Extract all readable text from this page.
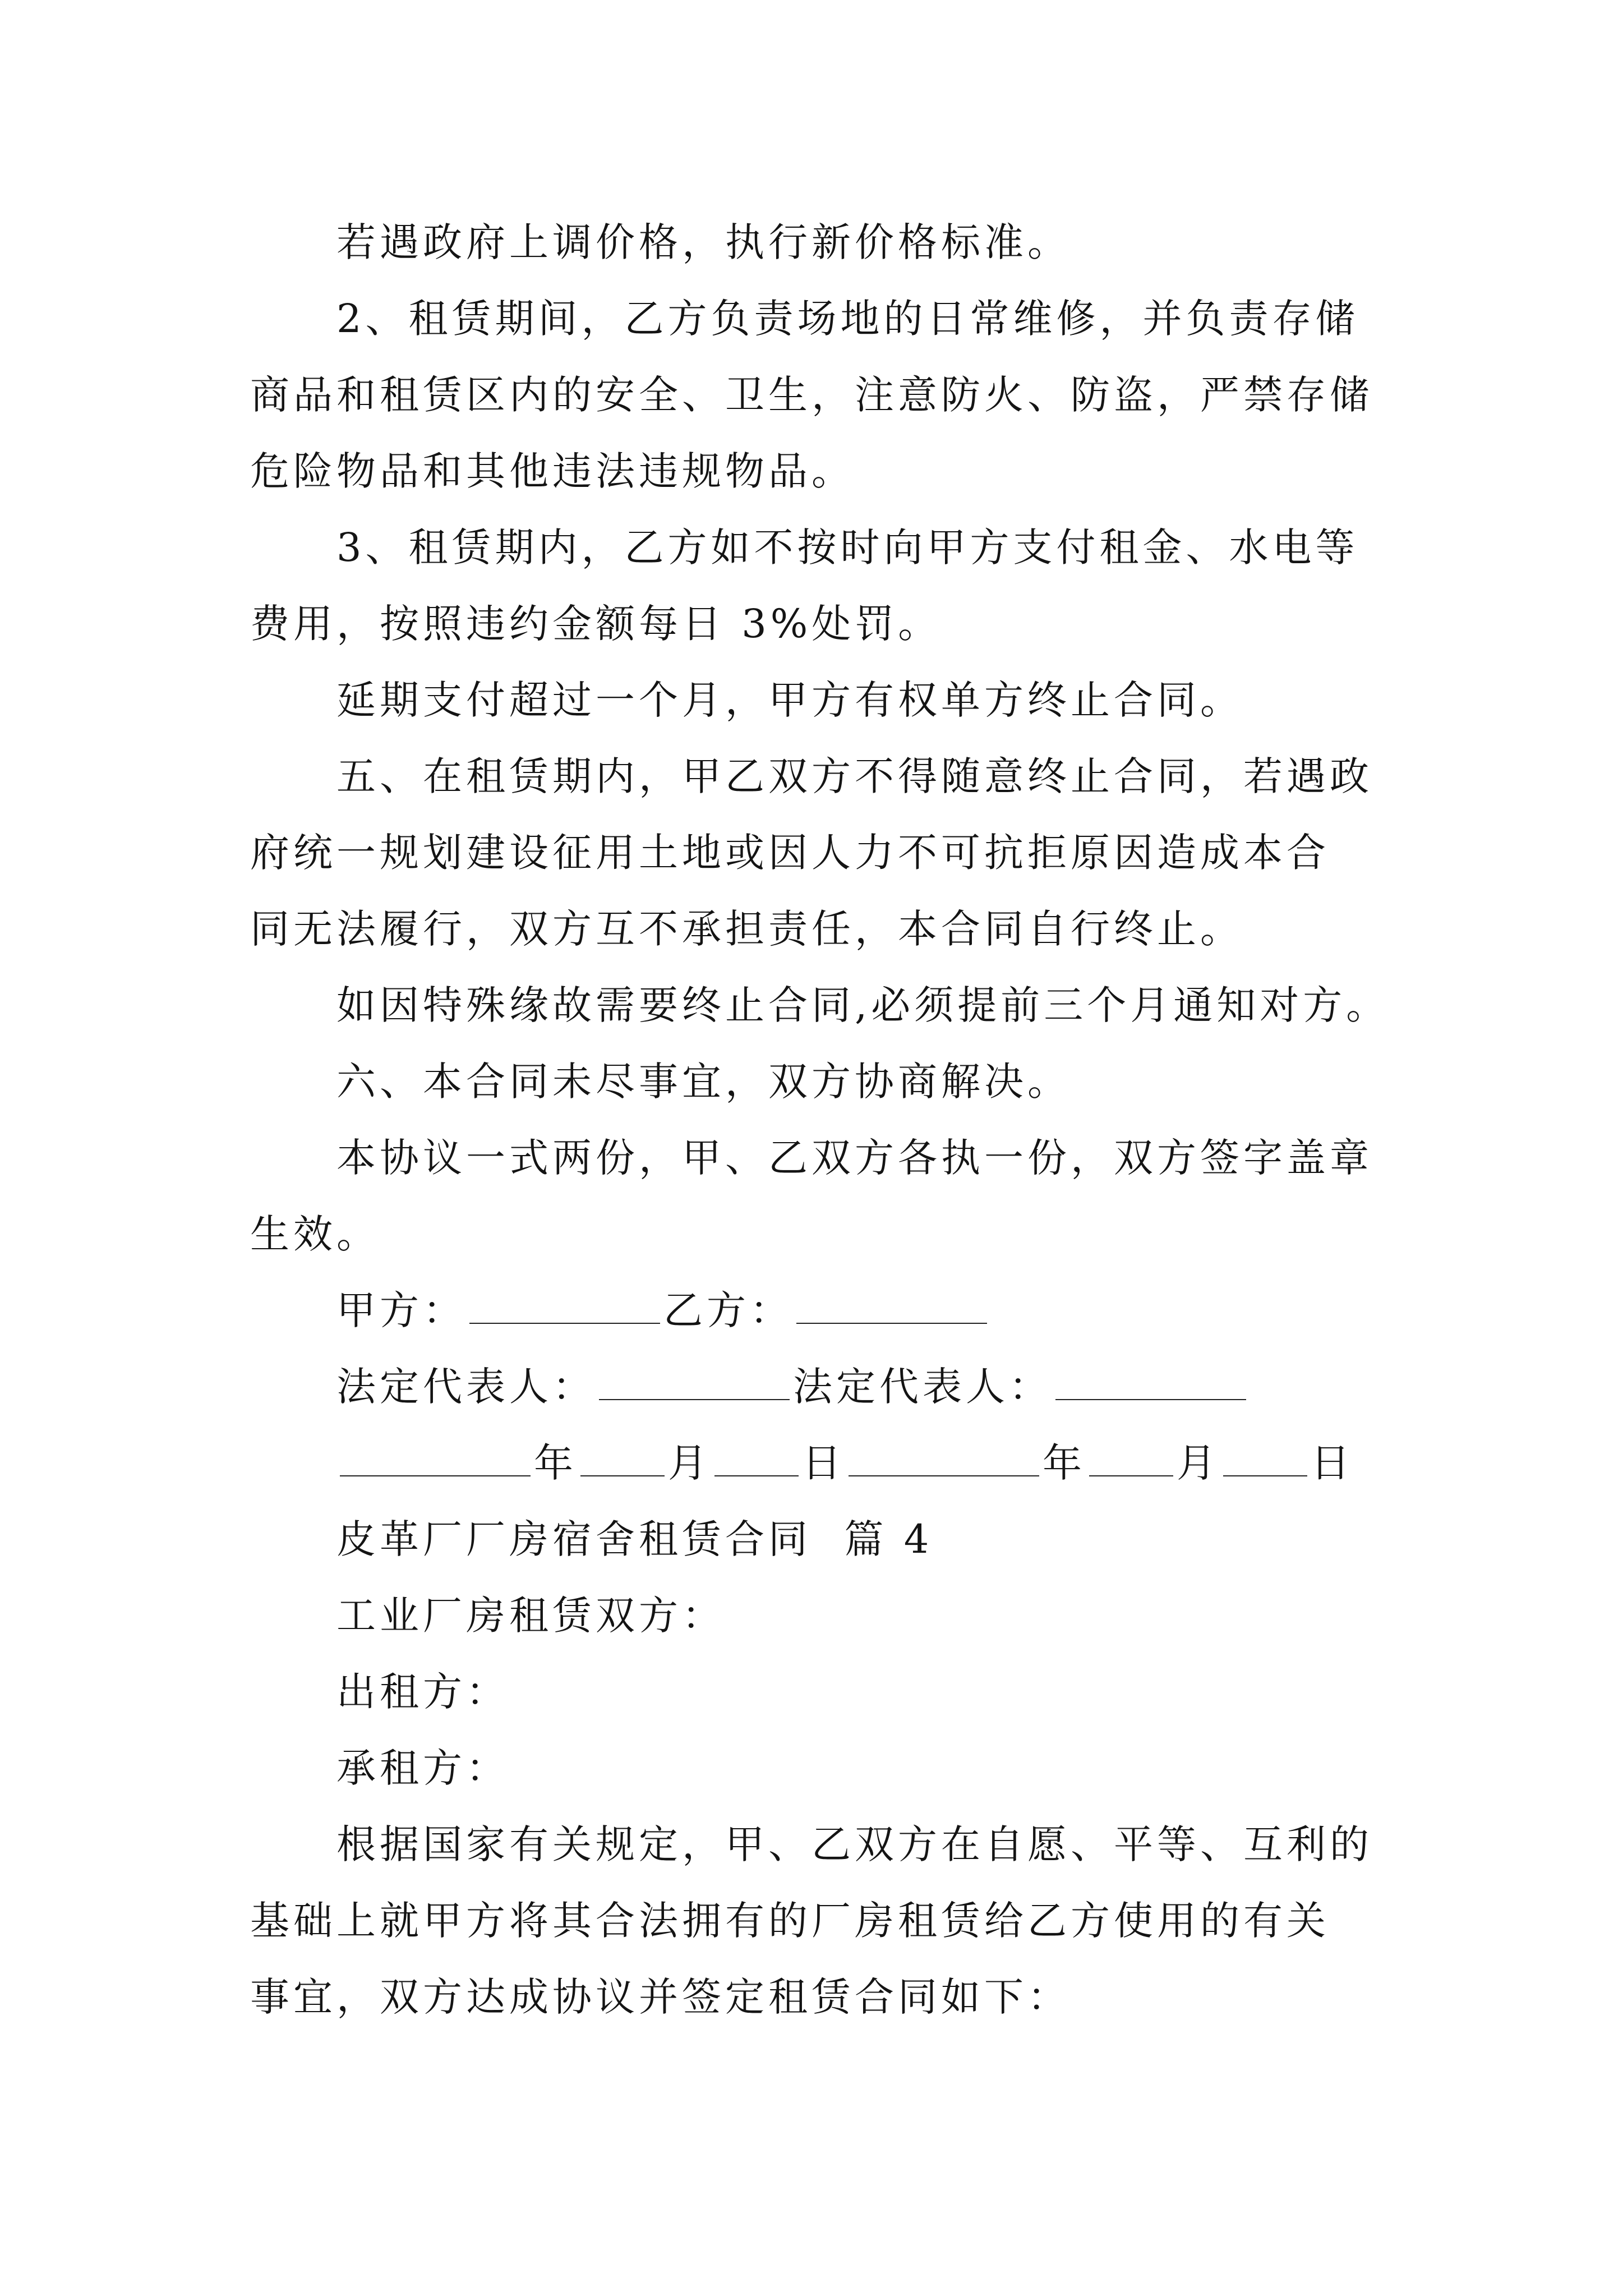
若遇政府上调价格，执行新价格标准。
2、租赁期间，乙方负责场地的日常维修，并负责存储
商品和租赁区内的安全、卫生，注意防火、防盗，严禁存储
危险物品和其他违法违规物品。
3、租赁期内，乙方如不按时向甲方支付租金、水电等
费用，按照违约金额每日 3%处罚。
延期支付超过一个月，甲方有权单方终止合同。
五、在租赁期内，甲乙双方不得随意终止合同，若遇政
府统一规划建设征用土地或因人力不可抗拒原因造成本合
同无法履行，双方互不承担责任，本合同自行终止。
如因特殊缘故需要终止合同,必须提前三个月通知对方。
六、本合同未尽事宜，双方协商解决。
本协议一式两份，甲、乙双方各执一份，双方签字盖章
生效。
甲方：	乙方：
法定代表人：	法定代表人：
年 月 日	年 月 日
皮革厂厂房宿舍租赁合同  篇 4
工业厂房租赁双方：
出租方：
承租方：
根据国家有关规定，甲、乙双方在自愿、平等、互利的
基础上就甲方将其合法拥有的厂房租赁给乙方使用的有关
事宜，双方达成协议并签定租赁合同如下：
